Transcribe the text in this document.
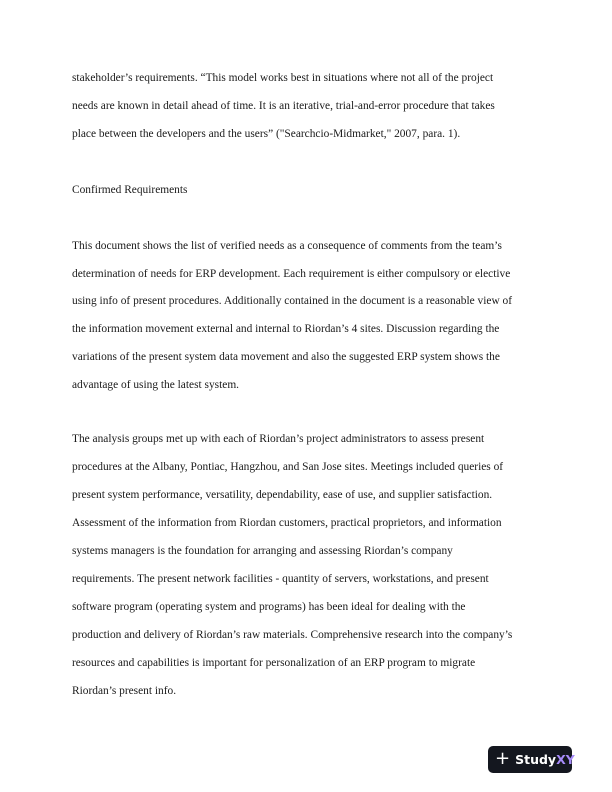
stakeholder’s requirements. “This model works best in situations where not all of the project
needs are known in detail ahead of time. It is an iterative, trial-and-error procedure that takes
place between the developers and the users” ("Searchcio-Midmarket," 2007, para. 1).
Confirmed Requirements
This document shows the list of verified needs as a consequence of comments from the team’s
determination of needs for ERP development. Each requirement is either compulsory or elective
using info of present procedures. Additionally contained in the document is a reasonable view of
the information movement external and internal to Riordan’s 4 sites. Discussion regarding the
variations of the present system data movement and also the suggested ERP system shows the
advantage of using the latest system.
The analysis groups met up with each of Riordan’s project administrators to assess present
procedures at the Albany, Pontiac, Hangzhou, and San Jose sites. Meetings included queries of
present system performance, versatility, dependability, ease of use, and supplier satisfaction.
Assessment of the information from Riordan customers, practical proprietors, and information
systems managers is the foundation for arranging and assessing Riordan’s company
requirements. The present network facilities - quantity of servers, workstations, and present
software program (operating system and programs) has been ideal for dealing with the
production and delivery of Riordan’s raw materials. Comprehensive research into the company’s
resources and capabilities is important for personalization of an ERP program to migrate
Riordan’s present info.
+ Study XY
